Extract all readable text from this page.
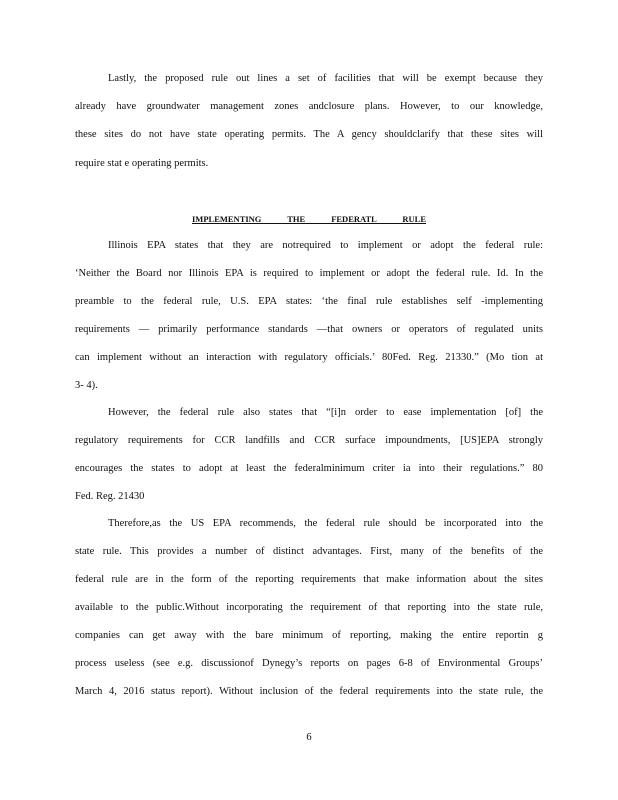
Lastly, the proposed rule out lines a set of facilities that will be exempt because they
already have groundwater management zones andclosure plans. However, to our knowledge,
these sites do not have state operating permits. The A gency shouldclarify that these sites will
require stat e operating permits.
IMPLEMENTING THE FEDERATL RULE
Illinois EPA states that they are notrequired to implement or adopt the federal rule:
‘Neither the Board nor Illinois EPA is required to implement or adopt the federal rule. Id. In the
preamble to the federal rule, U.S. EPA states: ‘the final rule establishes self -implementing
requirements — primarily performance standards —that owners or operators of regulated units
can implement without an interaction with regulatory officials.’ 80Fed. Reg. 21330.” (Mo tion at
3- 4).
However, the federal rule also states that “[i]n order to ease implementation [of] the
regulatory requirements for CCR landfills and CCR surface impoundments, [US]EPA strongly
encourages the states to adopt at least the federalminimum criter ia into their regulations.” 80
Fed. Reg. 21430
Therefore,as the US EPA recommends, the federal rule should be incorporated into the
state rule. This provides a number of distinct advantages. First, many of the benefits of the
federal rule are in the form of the reporting requirements that make information about the sites
available to the public.Without incorporating the requirement of that reporting into the state rule,
companies can get away with the bare minimum of reporting, making the entire reportin g
process useless (see e.g. discussionof Dynegy’s reports on pages 6-8 of Environmental Groups’
March 4, 2016 status report). Without inclusion of the federal requirements into the state rule, the
6
